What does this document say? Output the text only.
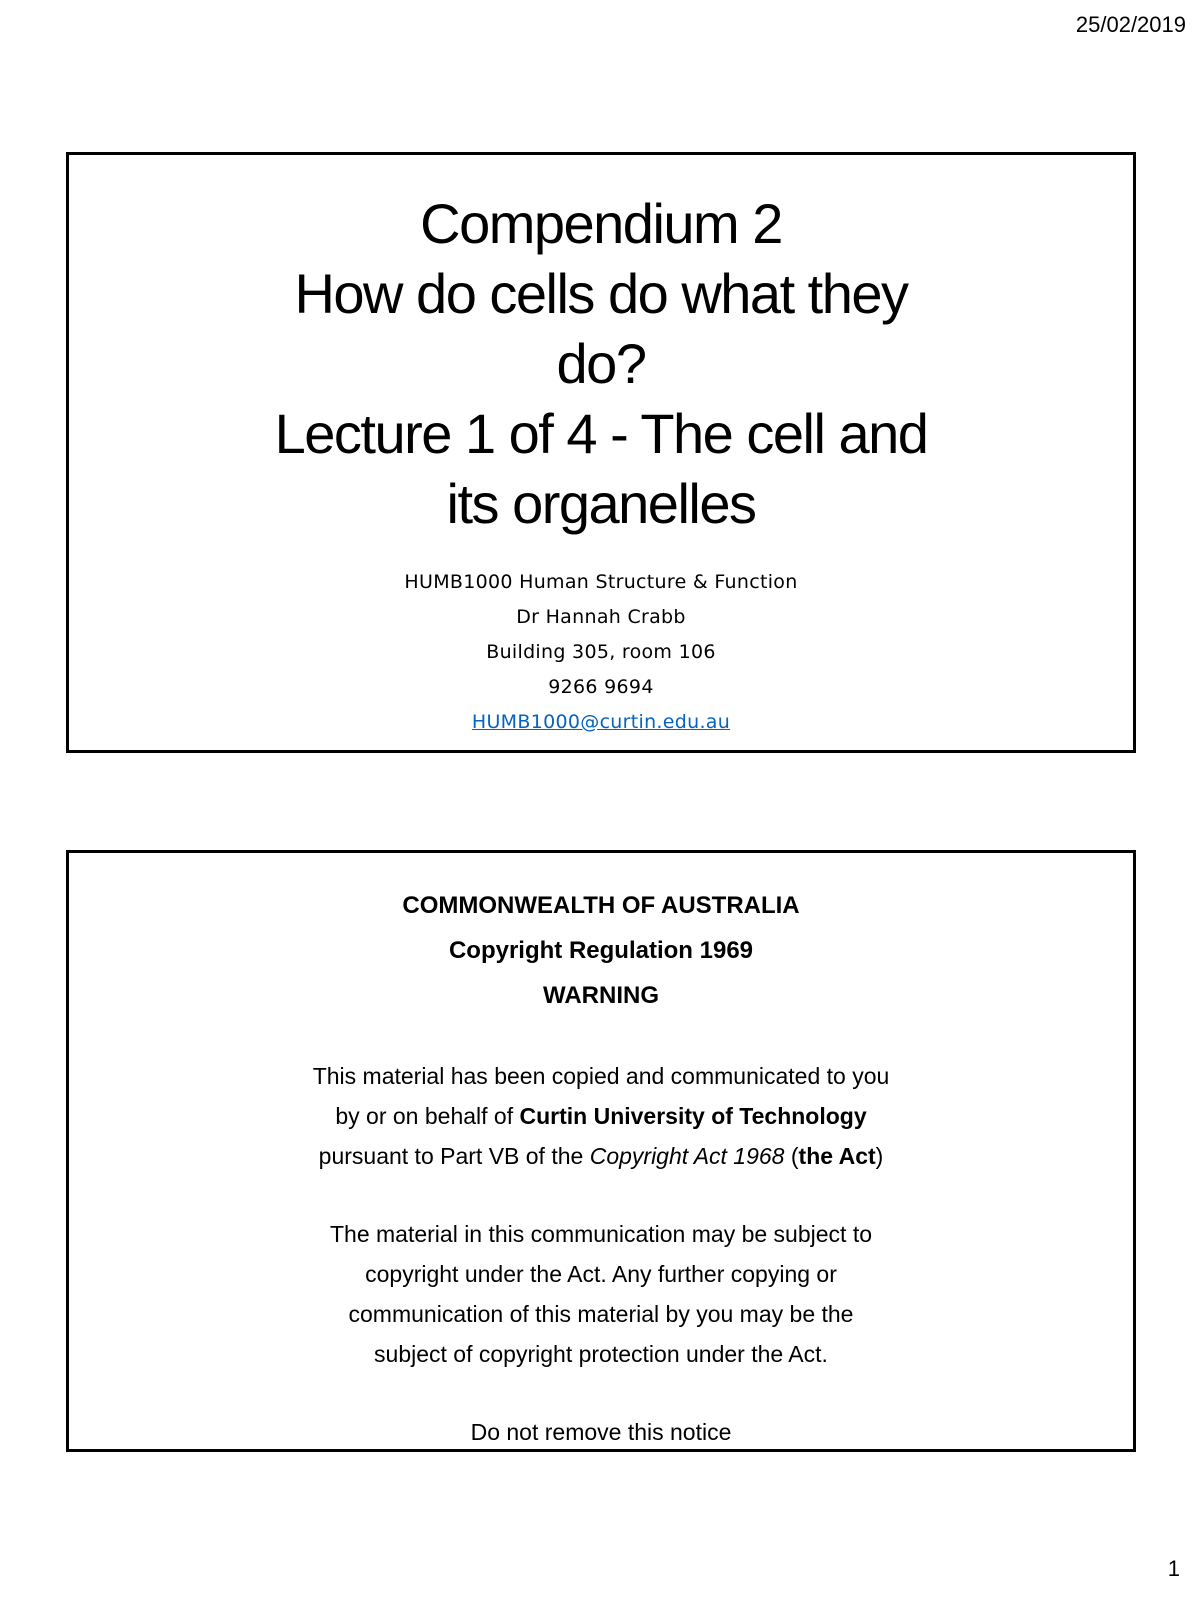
25/02/2019
Compendium 2
How do cells do what they
do?
Lecture 1 of 4 - The cell and
its organelles
HUMB1000 Human Structure & Function
Dr Hannah Crabb
Building 305, room 106
9266 9694
HUMB1000@curtin.edu.au
COMMONWEALTH OF AUSTRALIA
Copyright Regulation 1969
WARNING
This material has been copied and communicated to you
by or on behalf of Curtin University of Technology
pursuant to Part VB of the Copyright Act 1968 (the Act)
The material in this communication may be subject to
copyright under the Act. Any further copying or
communication of this material by you may be the
subject of copyright protection under the Act.
Do not remove this notice
1
